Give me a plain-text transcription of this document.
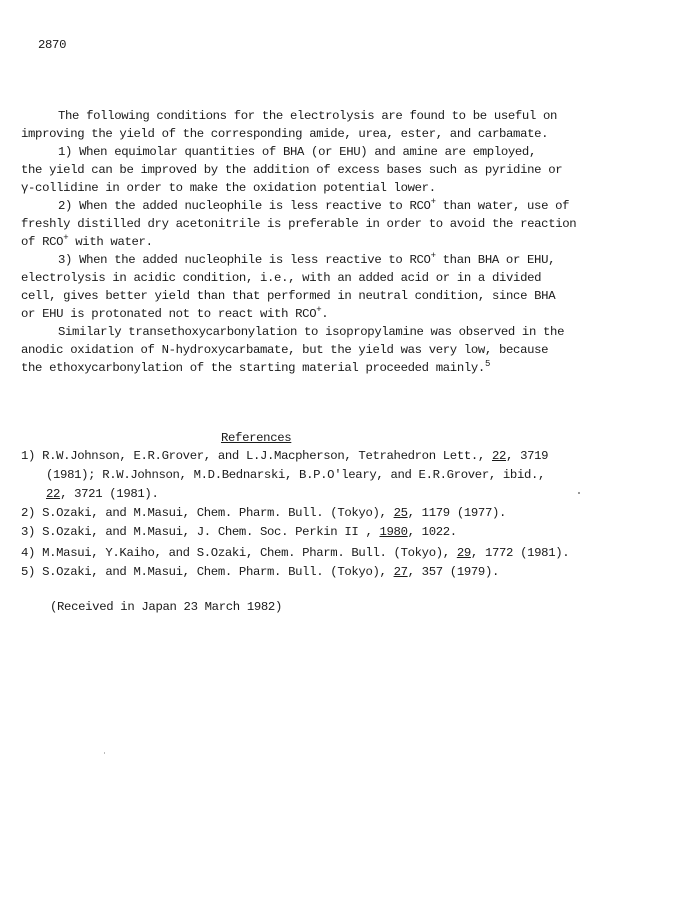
2870
The following conditions for the electrolysis are found to be useful on
improving the yield of the corresponding amide, urea, ester, and carbamate.
1) When equimolar quantities of BHA (or EHU) and amine are employed,
the yield can be improved by the addition of excess bases such as pyridine or
γ-collidine in order to make the oxidation potential lower.
2) When the added nucleophile is less reactive to RCO+ than water, use of
freshly distilled dry acetonitrile is preferable in order to avoid the reaction
of RCO+ with water.
3) When the added nucleophile is less reactive to RCO+ than BHA or EHU,
electrolysis in acidic condition, i.e., with an added acid or in a divided
cell, gives better yield than that performed in neutral condition, since BHA
or EHU is protonated not to react with RCO+.
Similarly transethoxycarbonylation to isopropylamine was observed in the
anodic oxidation of N-hydroxycarbamate, but the yield was very low, because
the ethoxycarbonylation of the starting material proceeded mainly.$^5$
References
1) R.W.Johnson, E.R.Grover, and L.J.Macpherson, Tetrahedron Lett., 22, 3719
(1981); R.W.Johnson, M.D.Bednarski, B.P.O'leary, and E.R.Grover, ibid.,
22, 3721 (1981).
2) S.Ozaki, and M.Masui, Chem. Pharm. Bull. (Tokyo), 25, 1179 (1977).
3) S.Ozaki, and M.Masui, J. Chem. Soc. Perkin II , 1980, 1022.
4) M.Masui, Y.Kaiho, and S.Ozaki, Chem. Pharm. Bull. (Tokyo), 29, 1772 (1981).
5) S.Ozaki, and M.Masui, Chem. Pharm. Bull. (Tokyo), 27, 357 (1979).
(Received in Japan 23 March 1982)
